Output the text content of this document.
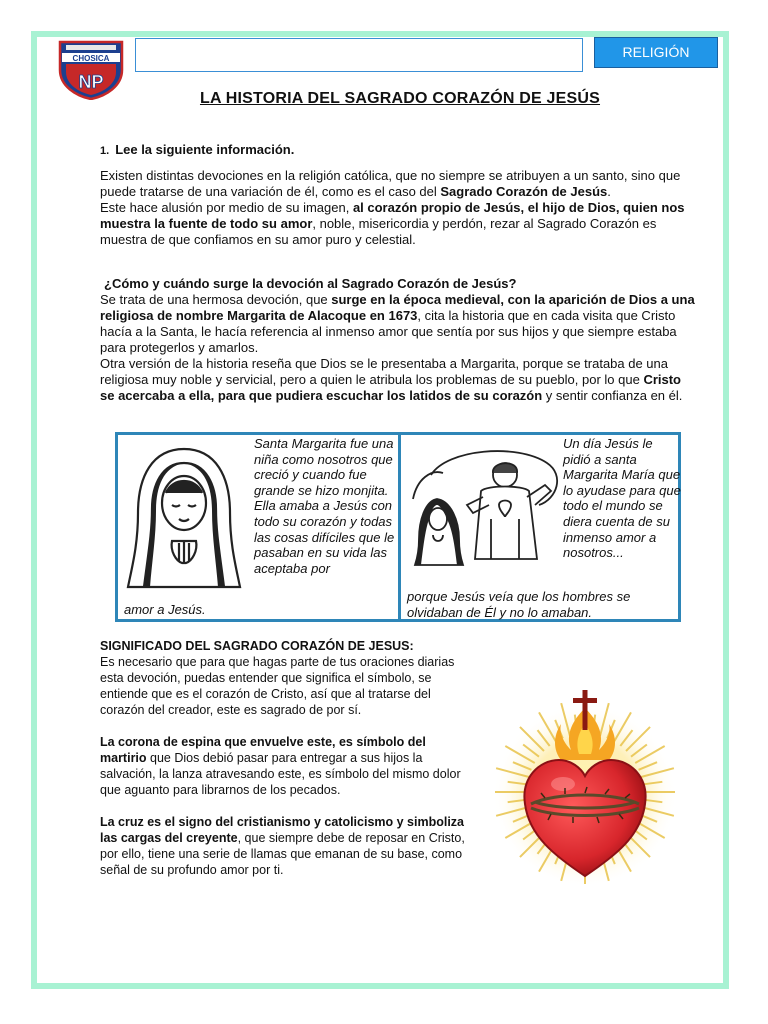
CHOSICA
NP
RELIGIÓN
LA HISTORIA DEL SAGRADO CORAZÓN DE JESÚS
1. Lee la siguiente información.

Existen distintas devociones en la religión católica, que no siempre se atribuyen a un santo, sino que puede tratarse de una variación de él, como es el caso del Sagrado Corazón de Jesús.

Este hace alusión por medio de su imagen, al corazón propio de Jesús, el hijo de Dios, quien nos muestra la fuente de todo su amor, noble, misericordia y perdón, rezar al Sagrado Corazón es muestra de que confiamos en su amor puro y celestial.

¿Cómo y cuándo surge la devoción al Sagrado Corazón de Jesús?

Se trata de una hermosa devoción, que surge en la época medieval, con la aparición de Dios a una religiosa de nombre Margarita de Alacoque en 1673, cita la historia que en cada visita que Cristo hacía a la Santa, le hacía referencia al inmenso amor que sentía por sus hijos y que siempre estaba para protegerlos y amarlos.

Otra versión de la historia reseña que Dios se le presentaba a Margarita, porque se trataba de una religiosa muy noble y servicial, pero a quien le atribula los problemas de su pueblo, por lo que Cristo se acercaba a ella, para que pudiera escuchar los latidos de su corazón y sentir confianza en él.

Santa Margarita fue una niña como nosotros que creció y cuando fue grande se hizo monjita. Ella amaba a Jesús con todo su corazón y todas las cosas difíciles que le pasaban en su vida las aceptaba por
amor a Jesús.
Un día Jesús le pidió a santa Margarita María que lo ayudase para que todo el mundo se diera cuenta de su inmenso amor a nosotros...
porque Jesús veía que los hombres se olvidaban de Él y no lo amaban.

SIGNIFICADO DEL SAGRADO CORAZÓN DE JESUS:

Es necesario que para que hagas parte de tus oraciones diarias esta devoción, puedas entender que significa el símbolo, se entiende que es el corazón de Cristo, así que al tratarse del corazón del creador, este es sagrado de por sí.

La corona de espina que envuelve este, es símbolo del martirio que Dios debió pasar para entregar a sus hijos la salvación, la lanza atravesando este, es símbolo del mismo dolor que aguanto para librarnos de los pecados.

La cruz es el signo del cristianismo y catolicismo y simboliza las cargas del creyente, que siempre debe de reposar en Cristo, por ello, tiene una serie de llamas que emanan de su base, como señal de su profundo amor por ti.
